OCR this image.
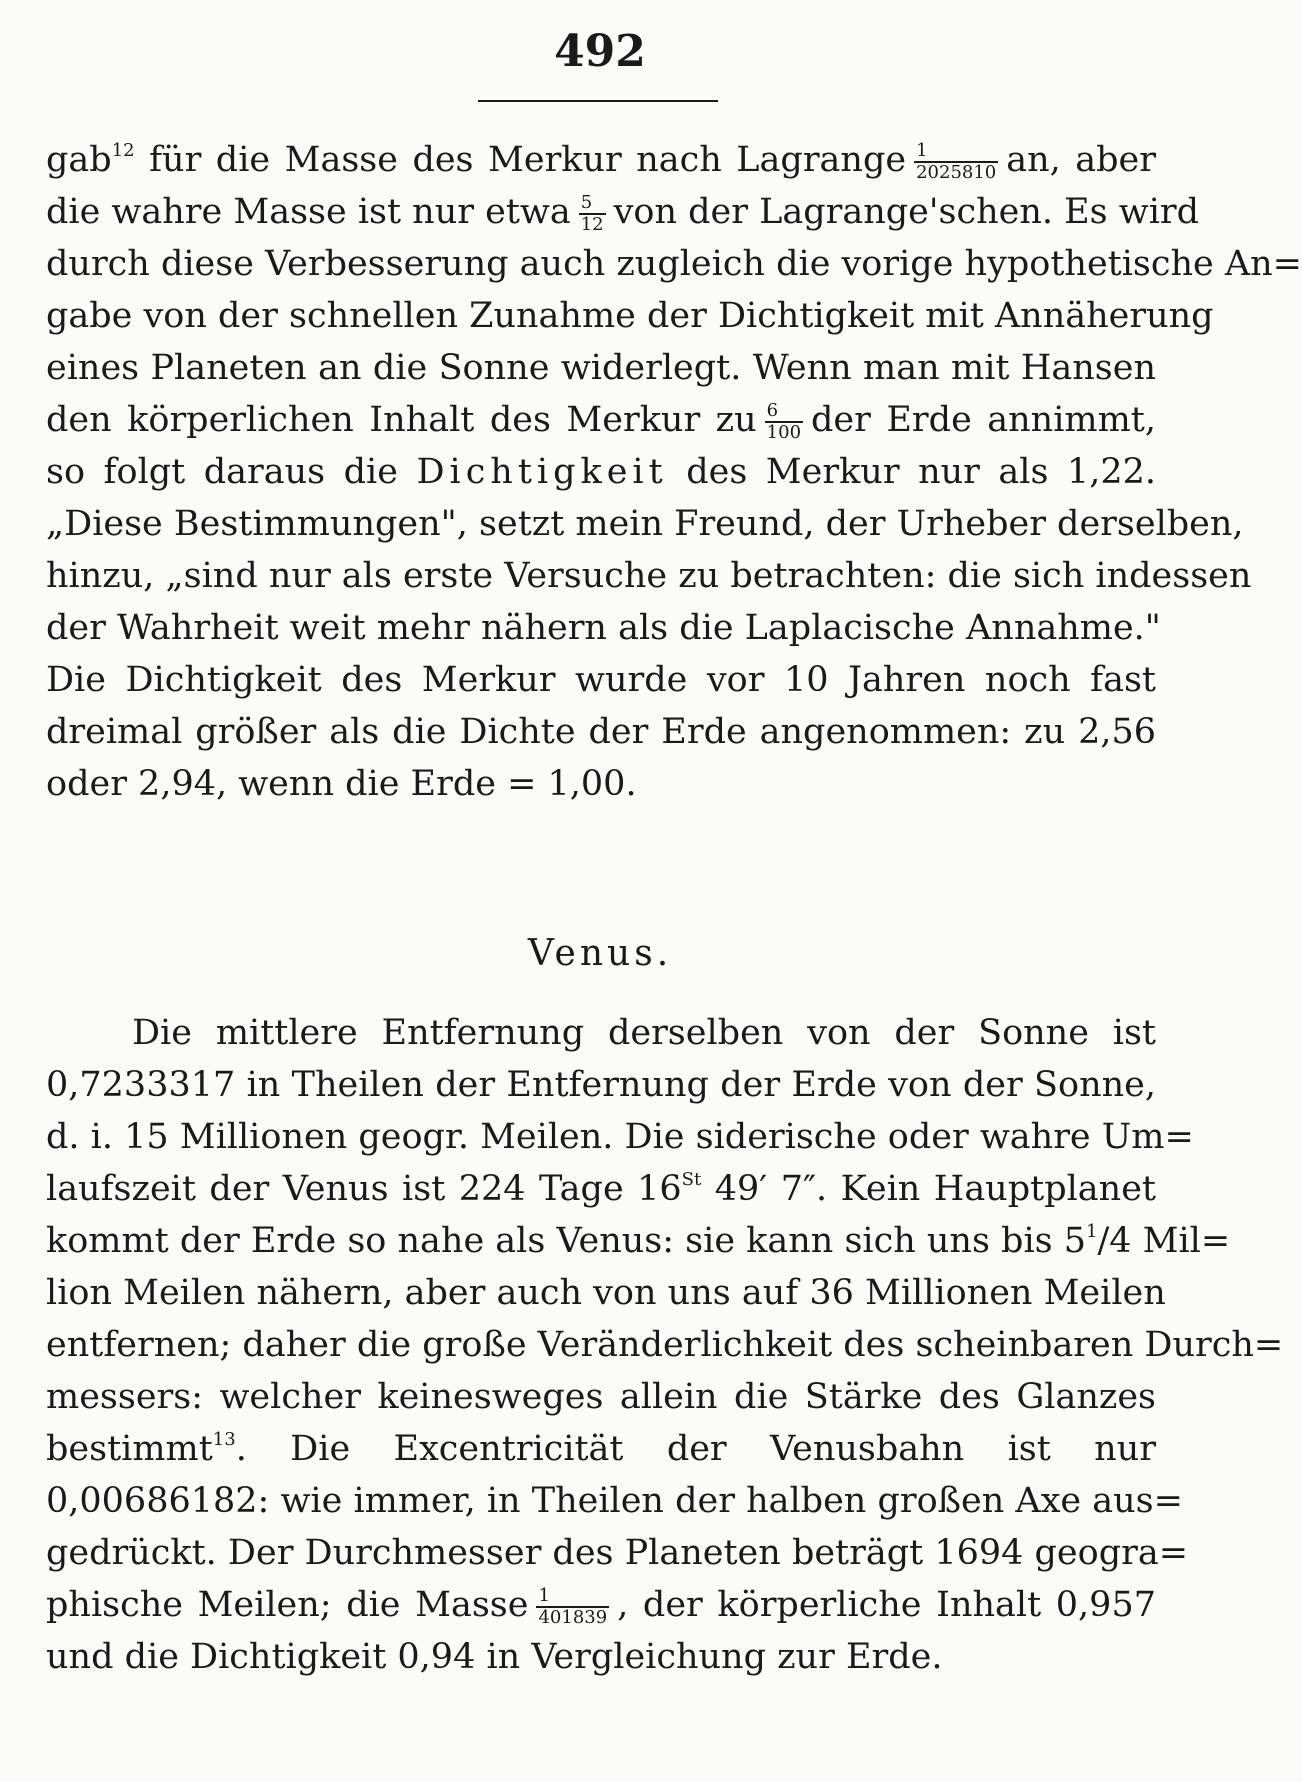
492
gab$^{12}$ für die Masse des Merkur nach Lagrange $\frac{1}{2025810}$ an, aber
die wahre Masse ist nur etwa $\frac{5}{12}$ von der Lagrange'schen. Es wird
durch diese Verbesserung auch zugleich die vorige hypothetische An=
gabe von der schnellen Zunahme der Dichtigkeit mit Annäherung
eines Planeten an die Sonne widerlegt. Wenn man mit Hansen
den körperlichen Inhalt des Merkur zu $\frac{6}{100}$ der Erde annimmt,
so folgt daraus die Dichtigkeit des Merkur nur als 1,22.
„Diese Bestimmungen", setzt mein Freund, der Urheber derselben,
hinzu, „sind nur als erste Versuche zu betrachten: die sich indessen
der Wahrheit weit mehr nähern als die Laplacische Annahme."
Die Dichtigkeit des Merkur wurde vor 10 Jahren noch fast
dreimal größer als die Dichte der Erde angenommen: zu 2,56
oder 2,94, wenn die Erde = 1,00.
Venus.
Die mittlere Entfernung derselben von der Sonne ist
0,7233317 in Theilen der Entfernung der Erde von der Sonne,
d. i. 15 Millionen geogr. Meilen. Die siderische oder wahre Um=
laufszeit der Venus ist 224 Tage 16St 49′ 7″. Kein Hauptplanet
kommt der Erde so nahe als Venus: sie kann sich uns bis $5^1/4$ Mil=
lion Meilen nähern, aber auch von uns auf 36 Millionen Meilen
entfernen; daher die große Veränderlichkeit des scheinbaren Durch=
messers: welcher keinesweges allein die Stärke des Glanzes
bestimmt$^{13}$. Die Excentricität der Venusbahn ist nur
0,00686182: wie immer, in Theilen der halben großen Axe aus=
gedrückt. Der Durchmesser des Planeten beträgt 1694 geogra=
phische Meilen; die Masse $\frac{1}{401839}$ , der körperliche Inhalt 0,957
und die Dichtigkeit 0,94 in Vergleichung zur Erde.
